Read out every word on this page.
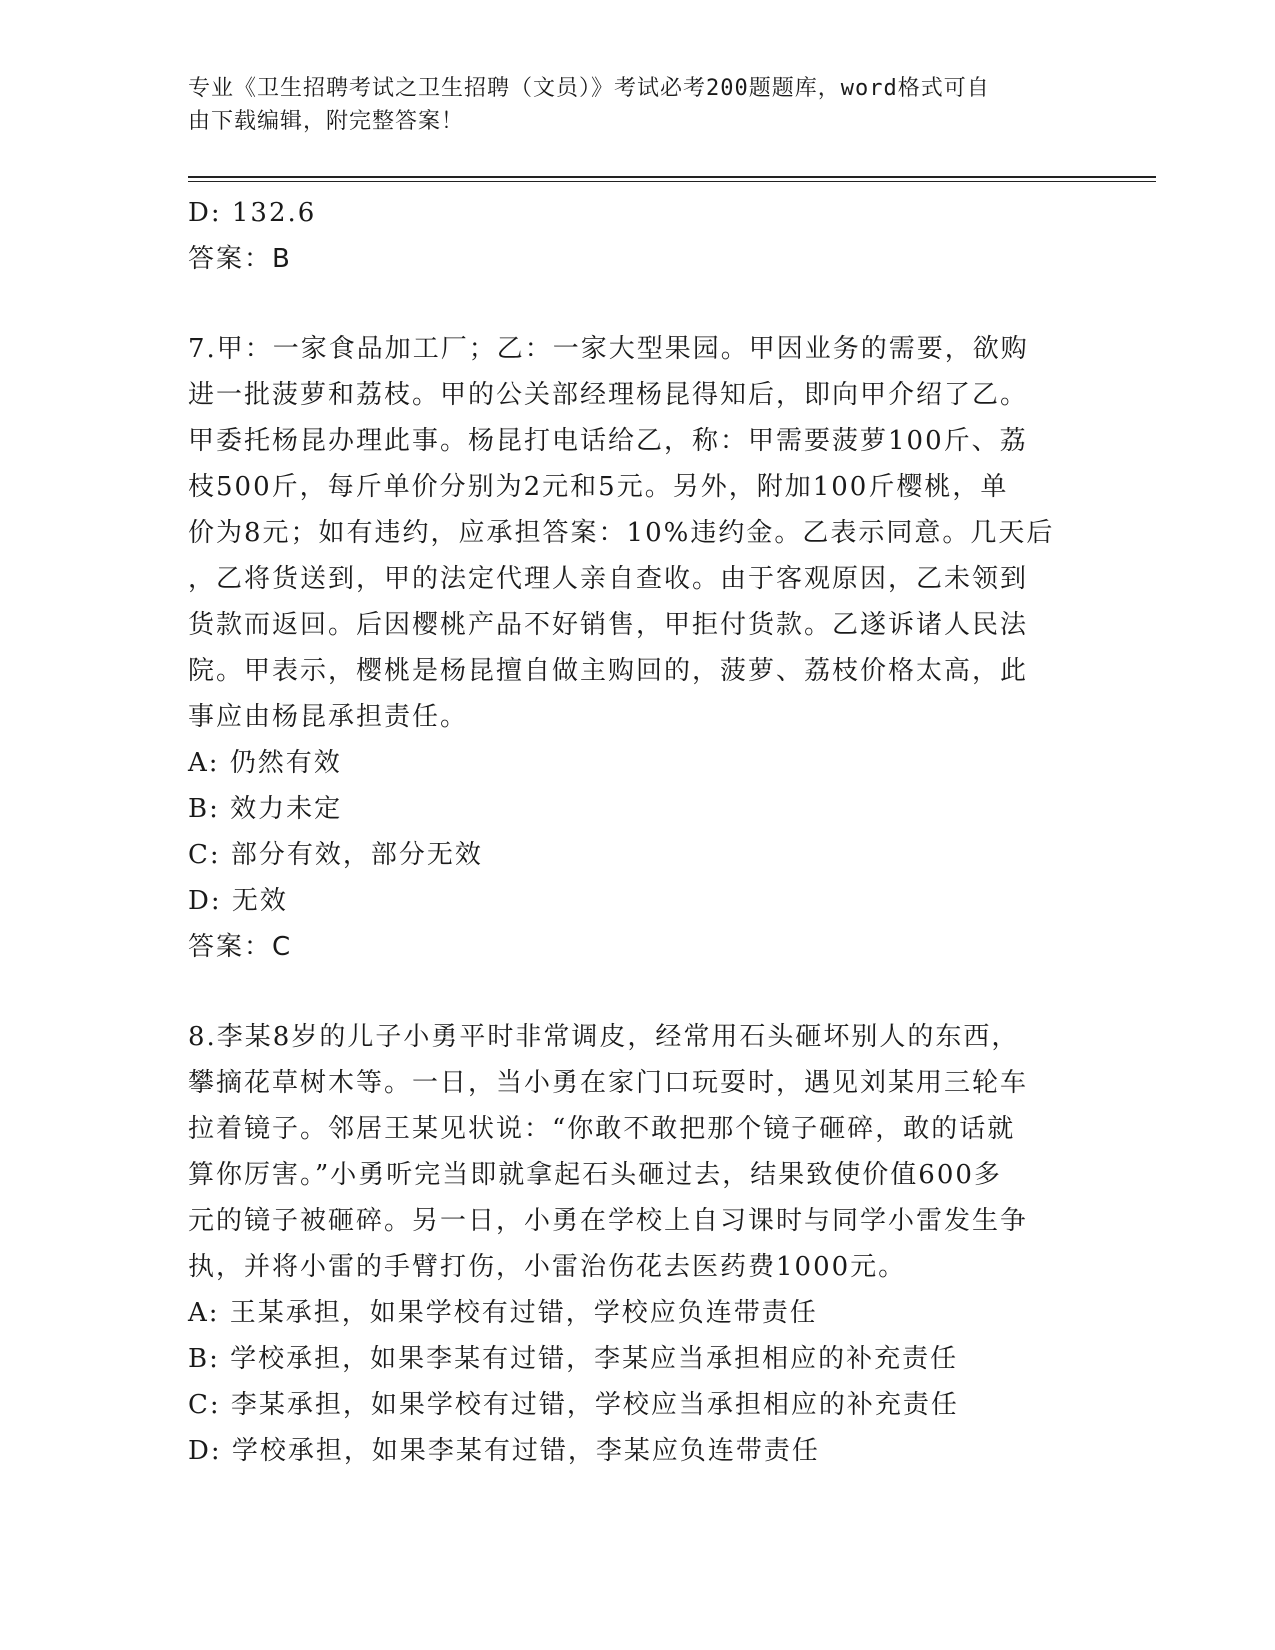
专业《卫生招聘考试之卫生招聘（文员）》考试必考200题题库，word格式可自
由下载编辑，附完整答案！
D: 132.6
答案：B
7.甲：一家食品加工厂；乙：一家大型果园。甲因业务的需要，欲购
进一批菠萝和荔枝。甲的公关部经理杨昆得知后，即向甲介绍了乙。
甲委托杨昆办理此事。杨昆打电话给乙，称：甲需要菠萝100斤、荔
枝500斤，每斤单价分别为2元和5元。另外，附加100斤樱桃，单
价为8元；如有违约，应承担答案：10%违约金。乙表示同意。几天后
，乙将货送到，甲的法定代理人亲自查收。由于客观原因，乙未领到
货款而返回。后因樱桃产品不好销售，甲拒付货款。乙遂诉诸人民法
院。甲表示，樱桃是杨昆擅自做主购回的，菠萝、荔枝价格太高，此
事应由杨昆承担责任。
A: 仍然有效
B: 效力未定
C: 部分有效，部分无效
D: 无效
答案：C
8.李某8岁的儿子小勇平时非常调皮，经常用石头砸坏别人的东西，
攀摘花草树木等。一日，当小勇在家门口玩耍时，遇见刘某用三轮车
拉着镜子。邻居王某见状说：“你敢不敢把那个镜子砸碎，敢的话就
算你厉害。”小勇听完当即就拿起石头砸过去，结果致使价值600多
元的镜子被砸碎。另一日，小勇在学校上自习课时与同学小雷发生争
执，并将小雷的手臂打伤，小雷治伤花去医药费1000元。
A: 王某承担，如果学校有过错，学校应负连带责任
B: 学校承担，如果李某有过错，李某应当承担相应的补充责任
C: 李某承担，如果学校有过错，学校应当承担相应的补充责任
D: 学校承担，如果李某有过错，李某应负连带责任
